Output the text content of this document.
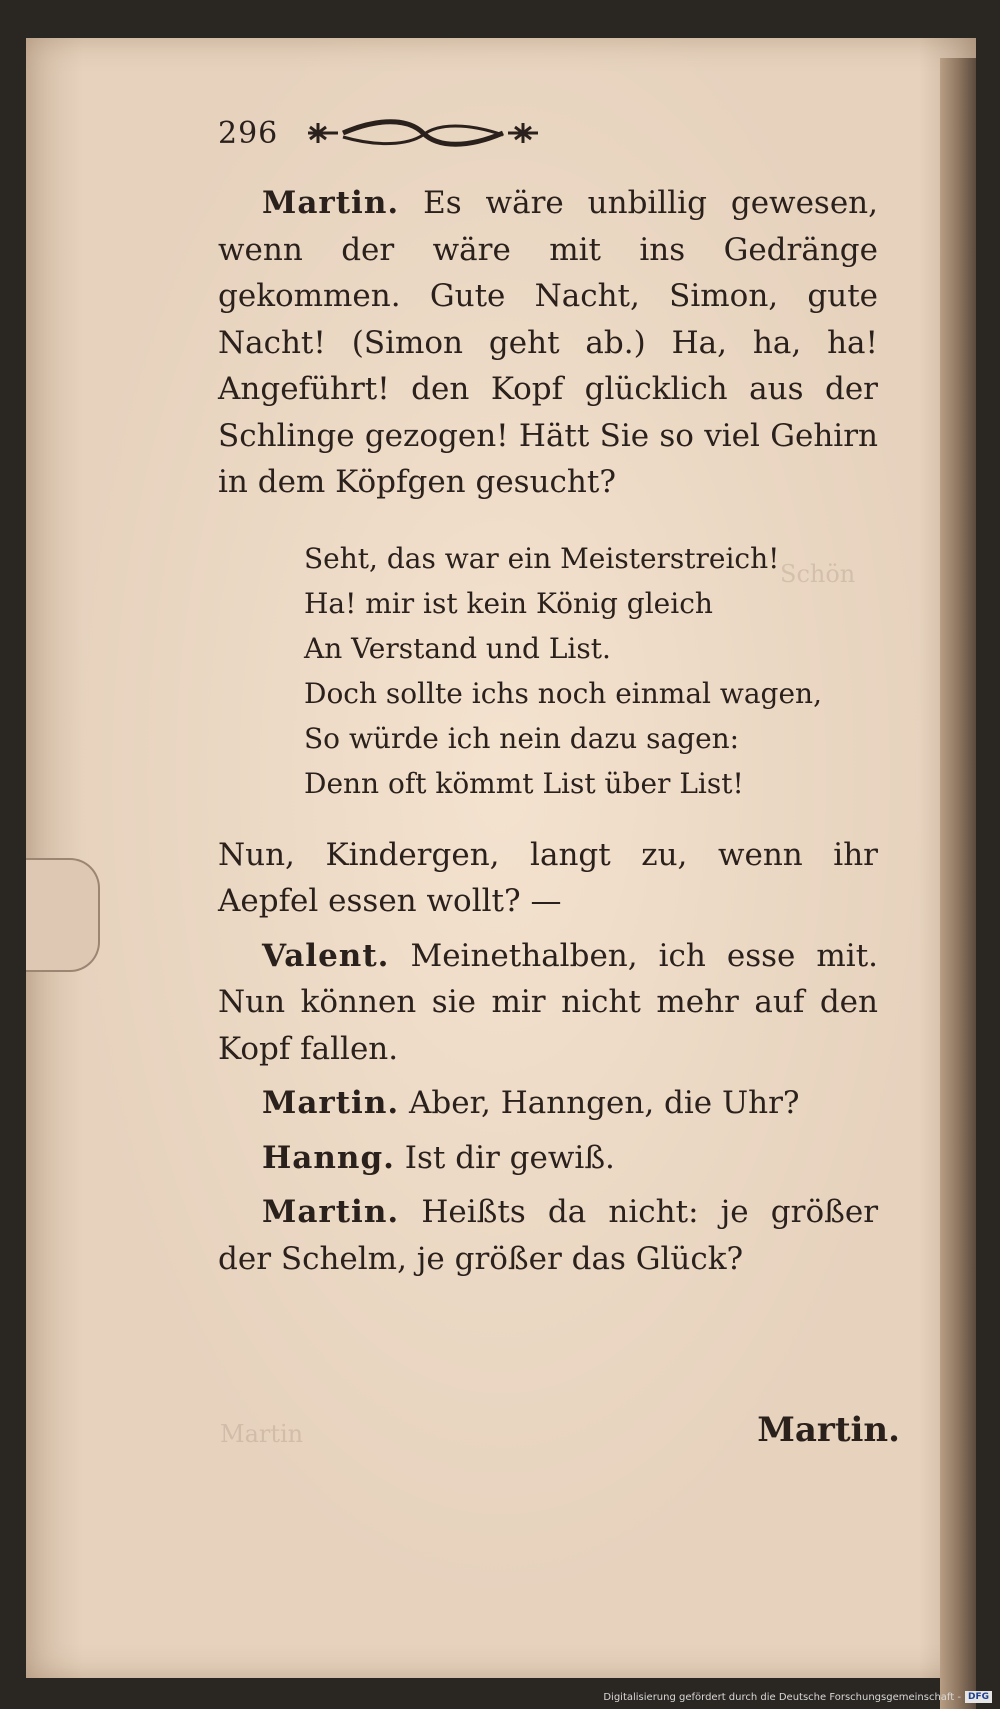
296

Martin. Es wäre unbillig gewesen, wenn der wäre mit ins Gedränge gekommen. Gute Nacht, Simon, gute Nacht! (Simon geht ab.) Ha, ha, ha! Angeführt! den Kopf glücklich aus der Schlinge gezogen! Hätt Sie so viel Gehirn in dem Köpfgen gesucht?

Seht, das war ein Meisterstreich!
Ha! mir ist kein König gleich
An Verstand und List.
Doch sollte ichs noch einmal wagen,
So würde ich nein dazu sagen:
Denn oft kömmt List über List!

Nun, Kindergen, langt zu, wenn ihr Aepfel essen wollt? —

Valent. Meinethalben, ich esse mit. Nun können sie mir nicht mehr auf den Kopf fallen.

Martin. Aber, Hanngen, die Uhr?

Hanng. Ist dir gewiß.

Martin. Heißts da nicht: je größer der Schelm, je größer das Glück?

Martin.
Digitalisierung gefördert durch die Deutsche Forschungsgemeinschaft - DFG
